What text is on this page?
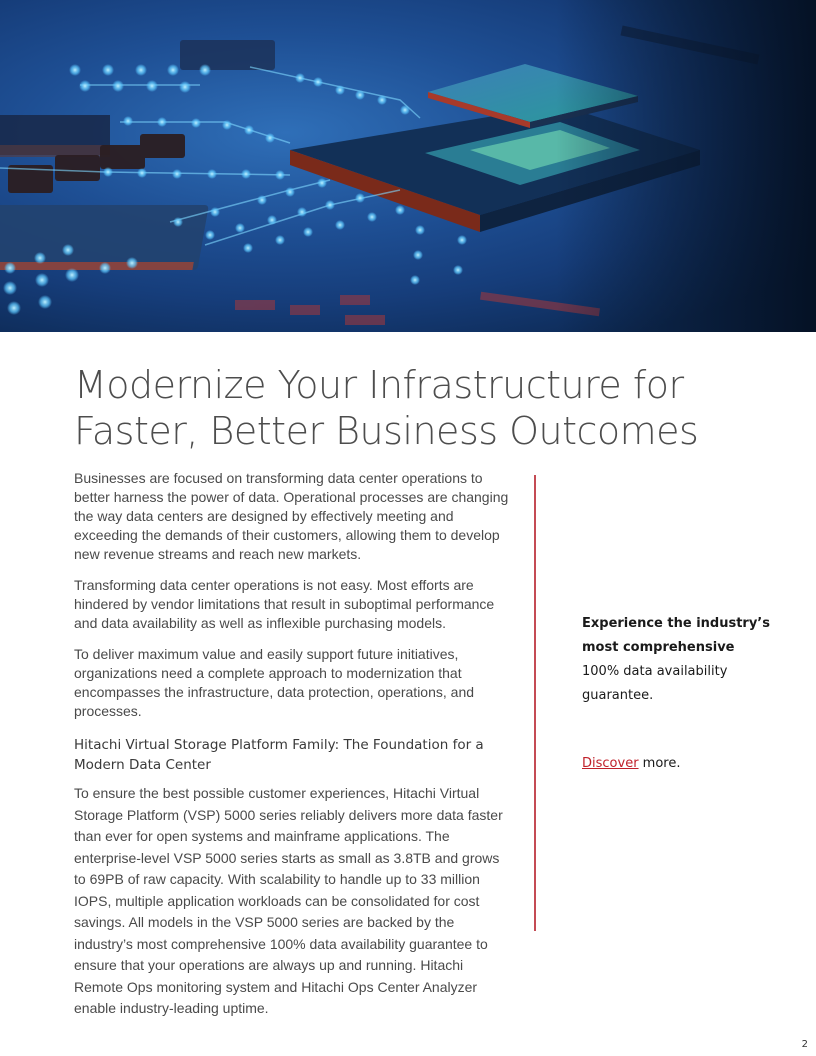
Modernize Your Infrastructure for
Faster, Better Business Outcomes

Businesses are focused on transforming data center operations to better harness the power of data. Operational processes are changing the way data centers are designed by effectively meeting and exceeding the demands of their customers, allowing them to develop new revenue streams and reach new markets.

Transforming data center operations is not easy. Most efforts are hindered by vendor limitations that result in suboptimal performance and data availability as well as inflexible purchasing models.

To deliver maximum value and easily support future initiatives, organizations need a complete approach to modernization that encompasses the infrastructure, data protection, operations, and processes.

Hitachi Virtual Storage Platform Family: The Foundation for a Modern Data Center

To ensure the best possible customer experiences, Hitachi Virtual Storage Platform (VSP) 5000 series reliably delivers more data faster than ever for open systems and mainframe applications. The enterprise-level VSP 5000 series starts as small as 3.8TB and grows to 69PB of raw capacity. With scalability to handle up to 33 million IOPS, multiple application workloads can be consolidated for cost savings. All models in the VSP 5000 series are backed by the industry’s most comprehensive 100% data availability guarantee to ensure that your operations are always up and running. Hitachi Remote Ops monitoring system and Hitachi Ops Center Analyzer enable industry-leading uptime.

Experience the industry’s most comprehensive
100% data availability guarantee.
Discover more.
2
